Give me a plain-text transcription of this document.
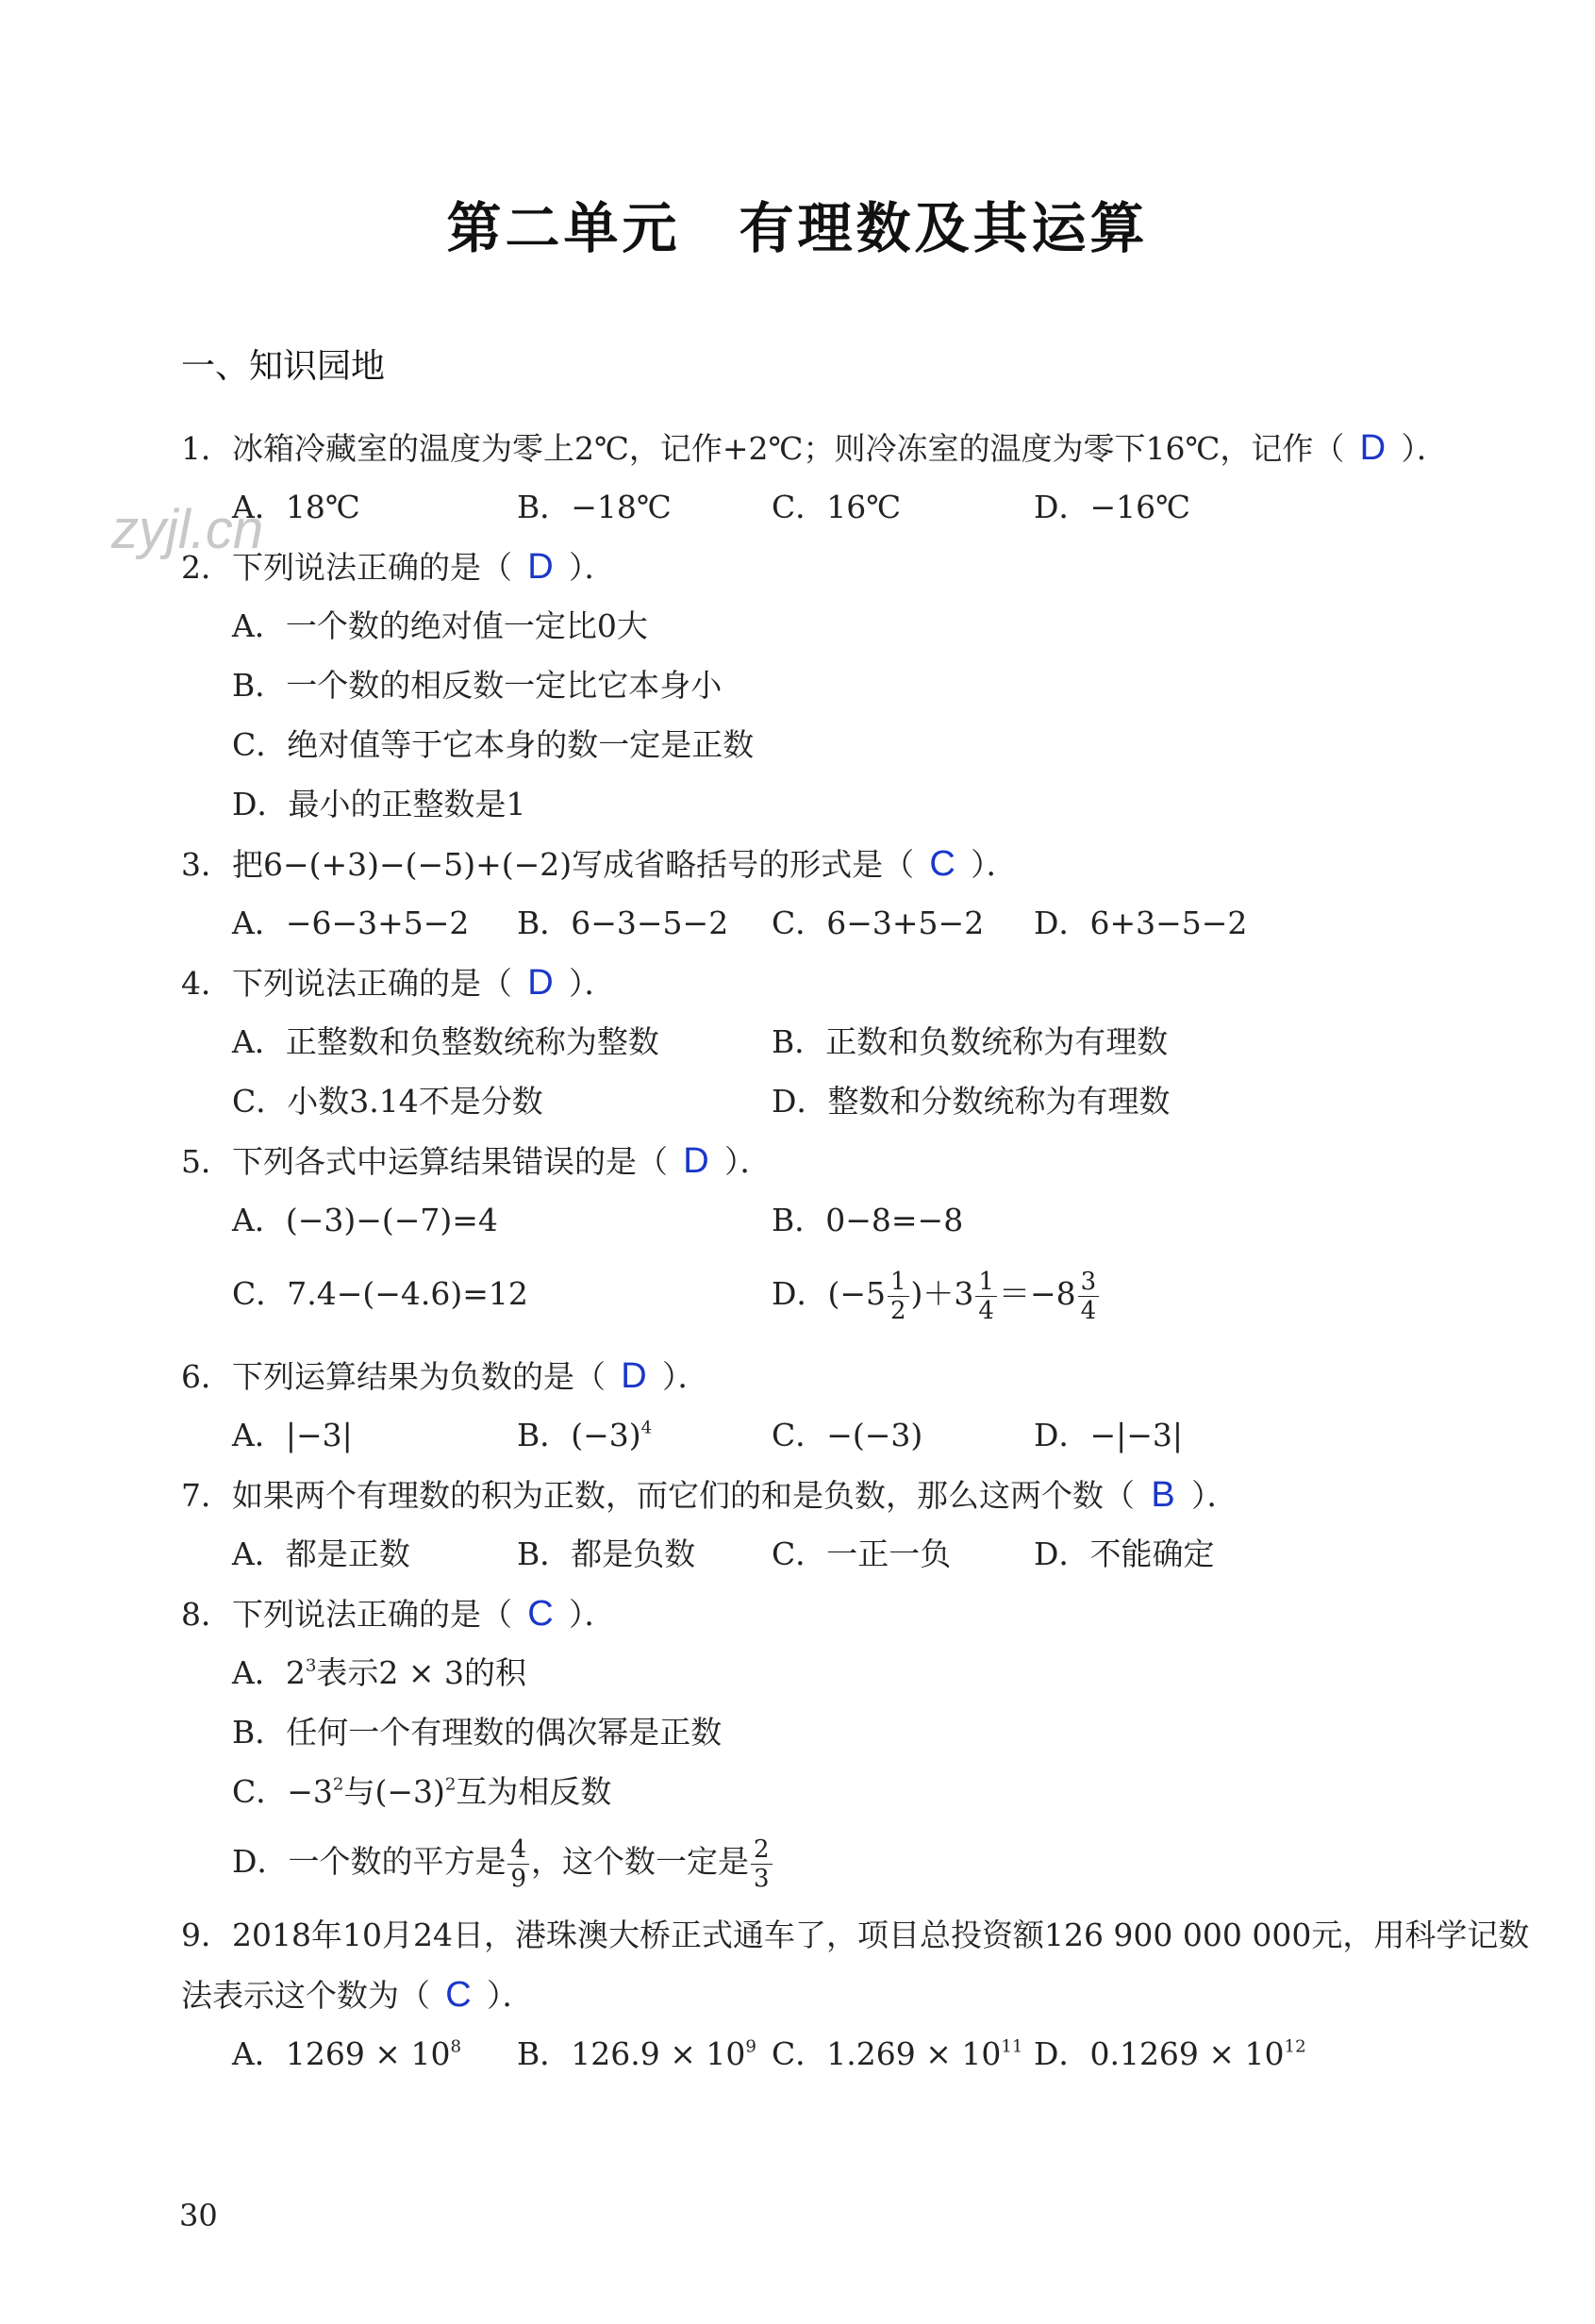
第二单元　有理数及其运算
一、知识园地
zyjl.cn
1．冰箱冷藏室的温度为零上2℃，记作+2℃；则冷冻室的温度为零下16℃，记作（ D ）．
A．18℃	B．−18℃	C．16℃	D．−16℃
2．下列说法正确的是（ D ）．
A．一个数的绝对值一定比0大
B．一个数的相反数一定比它本身小
C．绝对值等于它本身的数一定是正数
D．最小的正整数是1
3．把6−(+3)−(−5)+(−2)写成省略括号的形式是（ C ）．
A．−6−3+5−2 B．6−3−5−2 C．6−3+5−2 D．6+3−5−2
4．下列说法正确的是（ D ）．
A．正整数和负整数统称为整数	B．正数和负数统称为有理数
C．小数3.14不是分数	D．整数和分数统称为有理数
5．下列各式中运算结果错误的是（ D ）．
A．(−3)−(−7)=4	B．0−8=−8
C．7.4−(−4.6)=12	D．$(-5 \frac{1}{2} )+3 \frac{1}{4} =-8 \frac{3}{4}$
6．下列运算结果为负数的是（ D ）．
A．|−3|	B．$(-3)^4$	C．−(−3)	D．−|−3|
7．如果两个有理数的积为正数，而它们的和是负数，那么这两个数（ B ）．
A．都是正数	B．都是负数 C．一正一负	D．不能确定
8．下列说法正确的是（ C ）．
A．$2^3$表示2 × 3的积
B．任何一个有理数的偶次幂是正数
C．$-3^2$与$(-3)^2$互为相反数
D．一个数的平方是 $\frac{4}{9}$ ，这个数一定是 $\frac{2}{3}$
9．2018年10月24日，港珠澳大桥正式通车了，项目总投资额126 900 000 000元，用科学记数
法表示这个数为（ C ）．
A．$1269 \times 10^8$ B．$126.9 \times 10^9$ C．$1.269 \times 10^{11}$ D．$0.1269 \times 10^{12}$
30
